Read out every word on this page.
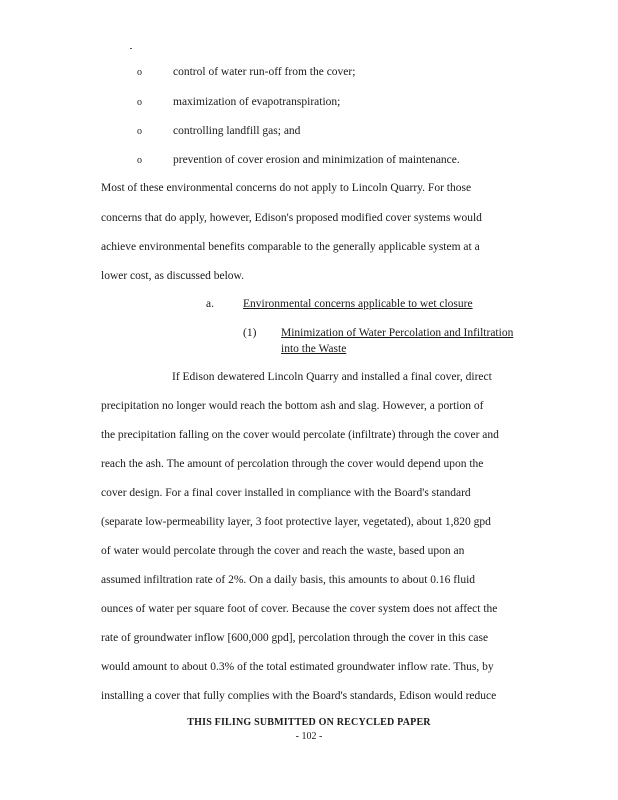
o	control of water run-off from the cover;
o	maximization of evapotranspiration;
o	controlling landfill gas; and
o	prevention of cover erosion and minimization of maintenance.
Most of these environmental concerns do not apply to Lincoln Quarry. For those
concerns that do apply, however, Edison's proposed modified cover systems would
achieve environmental benefits comparable to the generally applicable system at a
lower cost, as discussed below.
a.	Environmental concerns applicable to wet closure
(1) Minimization of Water Percolation and Infiltration
into the Waste
If Edison dewatered Lincoln Quarry and installed a final cover, direct
precipitation no longer would reach the bottom ash and slag. However, a portion of
the precipitation falling on the cover would percolate (infiltrate) through the cover and
reach the ash. The amount of percolation through the cover would depend upon the
cover design. For a final cover installed in compliance with the Board's standard
(separate low-permeability layer, 3 foot protective layer, vegetated), about 1,820 gpd
of water would percolate through the cover and reach the waste, based upon an
assumed infiltration rate of 2%. On a daily basis, this amounts to about 0.16 fluid
ounces of water per square foot of cover. Because the cover system does not affect the
rate of groundwater inflow [600,000 gpd], percolation through the cover in this case
would amount to about 0.3% of the total estimated groundwater inflow rate. Thus, by
installing a cover that fully complies with the Board's standards, Edison would reduce
THIS FILING SUBMITTED ON RECYCLED PAPER
- 102 -
